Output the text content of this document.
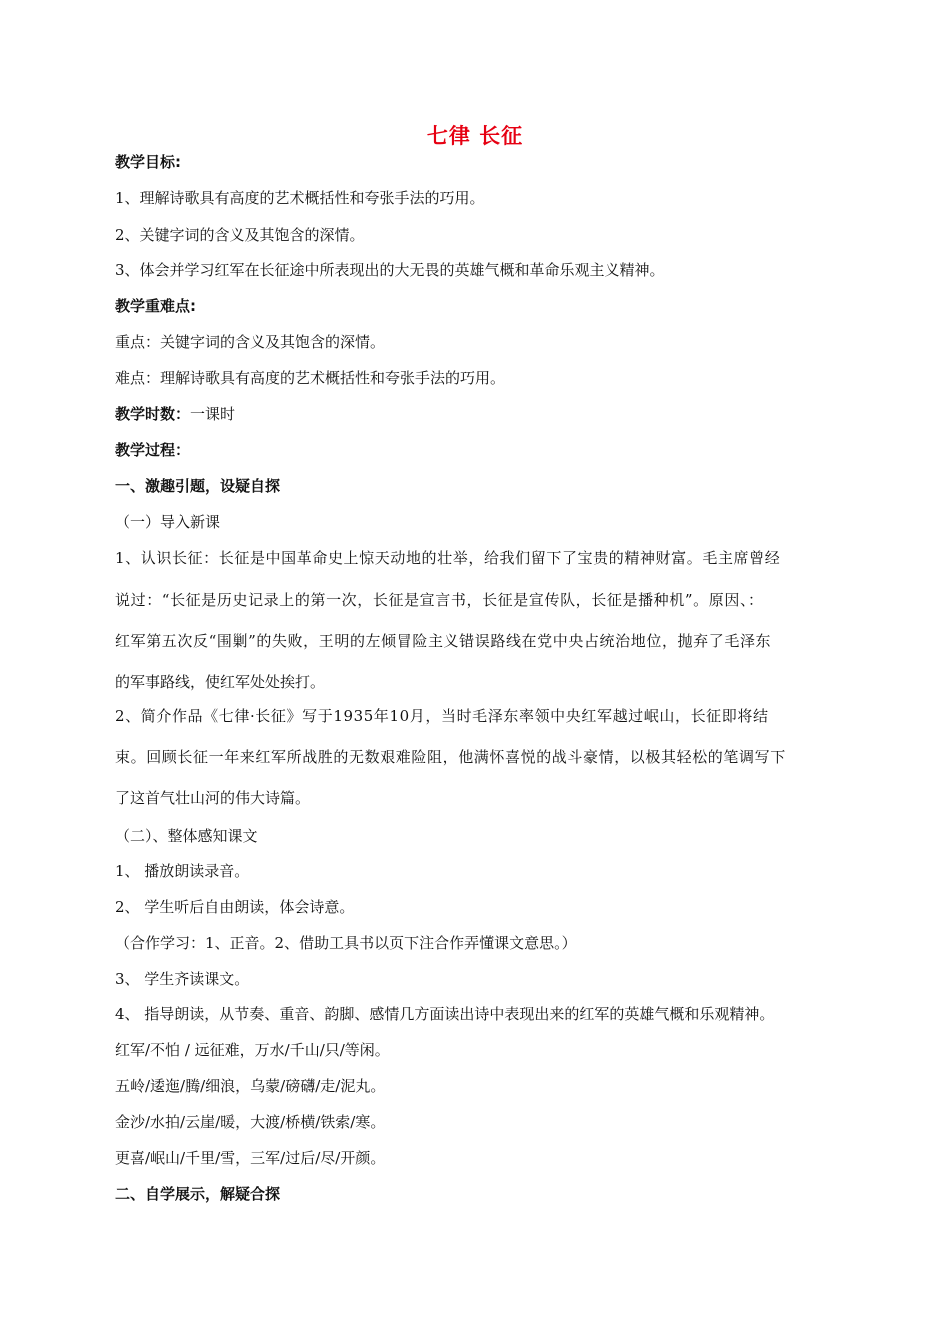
七律 长征
教学目标:
1、理解诗歌具有高度的艺术概括性和夸张手法的巧用。
2、关键字词的含义及其饱含的深情。
3、体会并学习红军在长征途中所表现出的大无畏的英雄气概和革命乐观主义精神。
教学重难点:
重点：关键字词的含义及其饱含的深情。
难点：理解诗歌具有高度的艺术概括性和夸张手法的巧用。
教学时数：一课时
教学过程：
一、激趣引题，设疑自探
（一）导入新课
1、认识长征：长征是中国革命史上惊天动地的壮举，给我们留下了宝贵的精神财富。毛主席曾经
说过：“长征是历史记录上的第一次，长征是宣言书，长征是宣传队，长征是播种机”。原因、：
红军第五次反“围剿”的失败，王明的左倾冒险主义错误路线在党中央占统治地位，抛弃了毛泽东
的军事路线，使红军处处挨打。
2、简介作品《七律·长征》写于1935年10月，当时毛泽东率领中央红军越过岷山，长征即将结
束。回顾长征一年来红军所战胜的无数艰难险阻，他满怀喜悦的战斗豪情，以极其轻松的笔调写下
了这首气壮山河的伟大诗篇。
（二）、整体感知课文
1、 播放朗读录音。
2、 学生听后自由朗读，体会诗意。
（合作学习：1、正音。2、借助工具书以页下注合作弄懂课文意思。）
3、 学生齐读课文。
4、 指导朗读，从节奏、重音、韵脚、感情几方面读出诗中表现出来的红军的英雄气概和乐观精神。
红军/不怕 / 远征难，万水/千山/只/等闲。
五岭/逶迤/腾/细浪，乌蒙/磅礴/走/泥丸。
金沙/水拍/云崖/暖，大渡/桥横/铁索/寒。
更喜/岷山/千里/雪，三军/过后/尽/开颜。
二、自学展示，解疑合探
